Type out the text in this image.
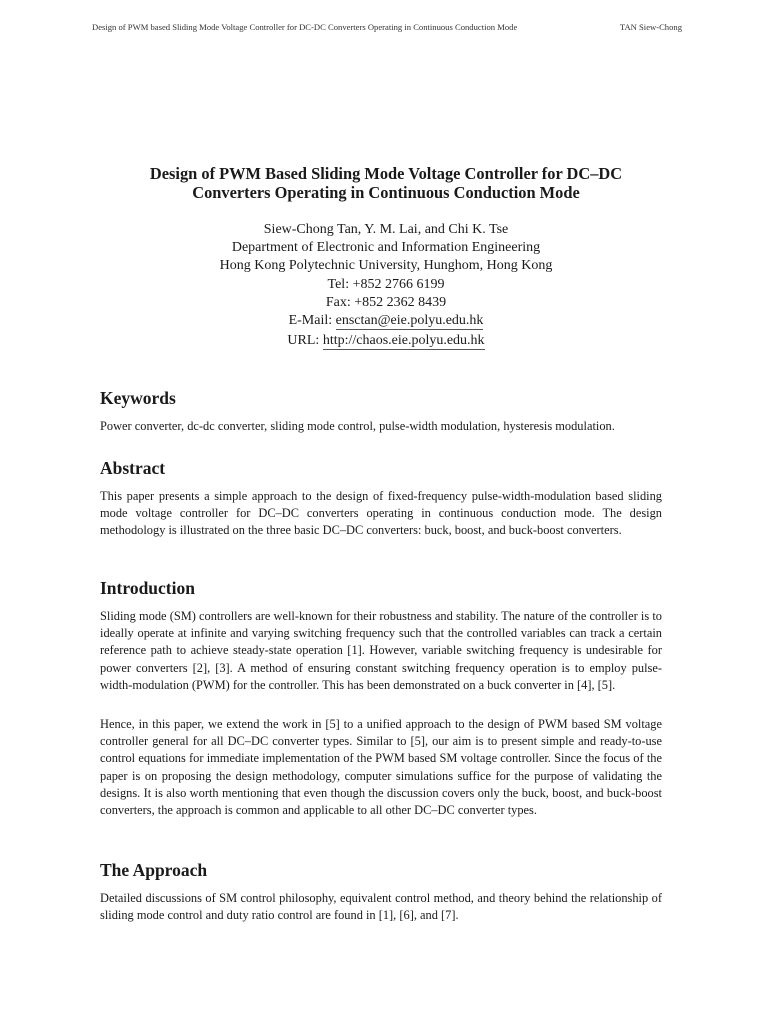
Design of PWM based Sliding Mode Voltage Controller for DC-DC Converters Operating in Continuous Conduction Mode	TAN Siew-Chong

Design of PWM Based Sliding Mode Voltage Controller for DC–DC

Converters Operating in Continuous Conduction Mode

Siew-Chong Tan, Y. M. Lai, and Chi K. Tse
Department of Electronic and Information Engineering
Hong Kong Polytechnic University, Hunghom, Hong Kong
Tel: +852 2766 6199
Fax: +852 2362 8439
E-Mail: ensctan@eie.polyu.edu.hk
URL: http://chaos.eie.polyu.edu.hk
Keywords

Power converter, dc-dc converter, sliding mode control, pulse-width modulation, hysteresis modulation.

Abstract

This paper presents a simple approach to the design of fixed-frequency pulse-width-modulation based sliding mode voltage controller for DC–DC converters operating in continuous conduction mode. The design methodology is illustrated on the three basic DC–DC converters: buck, boost, and buck-boost converters.

Introduction

Sliding mode (SM) controllers are well-known for their robustness and stability. The nature of the controller is to ideally operate at infinite and varying switching frequency such that the controlled variables can track a certain reference path to achieve steady-state operation [1]. However, variable switching frequency is undesirable for power converters [2], [3]. A method of ensuring constant switching frequency operation is to employ pulse-width-modulation (PWM) for the controller. This has been demonstrated on a buck converter in [4], [5].

Hence, in this paper, we extend the work in [5] to a unified approach to the design of PWM based SM voltage controller general for all DC–DC converter types. Similar to [5], our aim is to present simple and ready-to-use control equations for immediate implementation of the PWM based SM voltage controller. Since the focus of the paper is on proposing the design methodology, computer simulations suffice for the purpose of validating the designs. It is also worth mentioning that even though the discussion covers only the buck, boost, and buck-boost converters, the approach is common and applicable to all other DC–DC converter types.

The Approach

Detailed discussions of SM control philosophy, equivalent control method, and theory behind the relationship of sliding mode control and duty ratio control are found in [1], [6], and [7].
